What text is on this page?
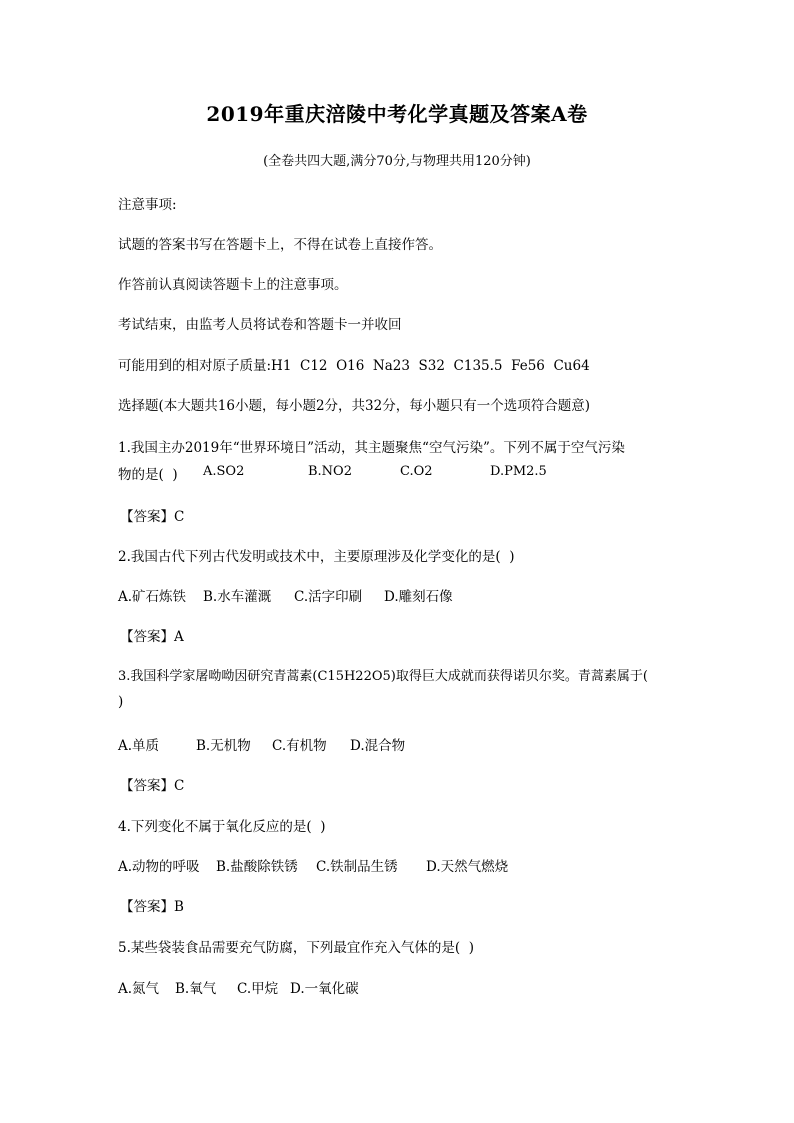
2019年重庆涪陵中考化学真题及答案A卷
(全卷共四大题,满分70分,与物理共用120分钟)
注意事项:
试题的答案书写在答题卡上，不得在试卷上直接作答。
作答前认真阅读答题卡上的注意事项。
考试结束，由监考人员将试卷和答题卡一并收回
可能用到的相对原子质量:H1  C12  O16  Na23  S32  C135.5  Fe56  Cu64
选择题(本大题共16小题，每小题2分，共32分，每小题只有一个选项符合题意)
1.我国主办2019年“世界环境日”活动，其主题聚焦“空气污染”。下列不属于空气污染
物的是(  ) A.SO2	B.NO2	C.O2	D.PM2.5
【答案】C
2.我国古代下列古代发明或技术中，主要原理涉及化学变化的是(  )
A.矿石炼铁 B.水车灌溉 C.活字印刷 D.雕刻石像
【答案】A
3.我国科学家屠呦呦因研究青蒿素(C15H22O5)取得巨大成就而获得诺贝尔奖。青蒿素属于(
)
A.单质	B.无机物 C.有机物 D.混合物
【答案】C
4.下列变化不属于氧化反应的是(  )
A.动物的呼吸 B.盐酸除铁锈 C.铁制品生锈 D.天然气燃烧
【答案】B
5.某些袋装食品需要充气防腐，下列最宜作充入气体的是(  )
A.氮气 B.氧气 C.甲烷 D.一氧化碳
